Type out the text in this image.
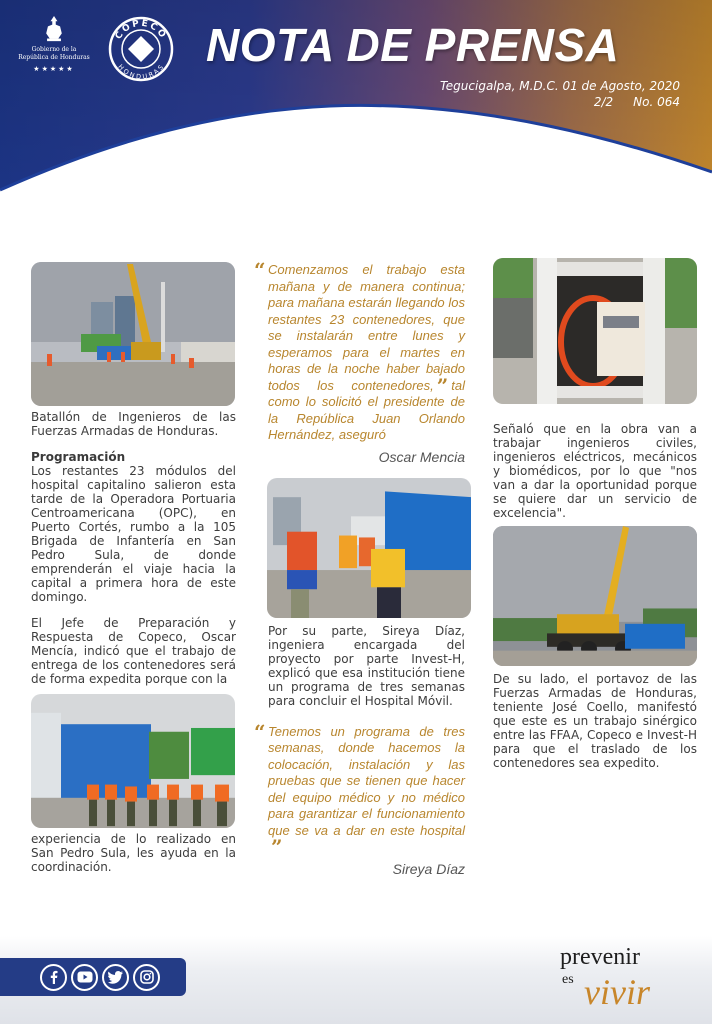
Gobierno de la
República de Honduras
★★★★★
COPECO
HONDURAS NOTA DE PRENSA
Tegucigalpa, M.D.C. 01 de Agosto, 2020
2/2 No. 064

Batallón de Ingenieros de las Fuerzas Armadas de Honduras.

Programación
Los restantes 23 módulos del hospital capitalino salieron esta tarde de la Operadora Portuaria Centroamericana (OPC), en Puerto Cortés, rumbo a la 105 Brigada de Infantería en San Pedro Sula, de donde emprenderán el viaje hacia la capital a primera hora de este domingo.

El Jefe de Preparación y Respuesta de Copeco, Oscar Mencía, indicó que el trabajo de entrega de los contenedores será de forma expedita porque con la

experiencia de lo realizado en San Pedro Sula, les ayuda en la coordinación.

“ Comenzamos el trabajo esta mañana y de manera continua; para mañana estarán llegando los restantes 23 contenedores, que se instalarán entre lunes y esperamos para el martes en horas de la noche haber bajado todos los contenedores, ” tal como lo solicitó el presidente de la República Juan Orlando Hernández, aseguró
Oscar Mencia

Por su parte, Sireya Díaz, ingeniera encargada del proyecto por parte Invest-H, explicó que esa institución tiene un programa de tres semanas para concluir el Hospital Móvil.

“ Tenemos un programa de tres semanas, donde hacemos la colocación, instalación y las pruebas que se tienen que hacer del equipo médico y no médico para garantizar el funcionamiento que se va a dar en este hospital”
Sireya Díaz

Señaló que en la obra van a trabajar ingenieros civiles, ingenieros eléctricos, mecánicos y biomédicos, por lo que "nos van a dar la oportunidad porque se quiere dar un servicio de excelencia".

De su lado, el portavoz de las Fuerzas Armadas de Honduras, teniente José Coello, manifestó que este es un trabajo sinérgico entre las FFAA, Copeco e Invest-H para que el traslado de los contenedores sea expedito.

prevenir
es vivir
